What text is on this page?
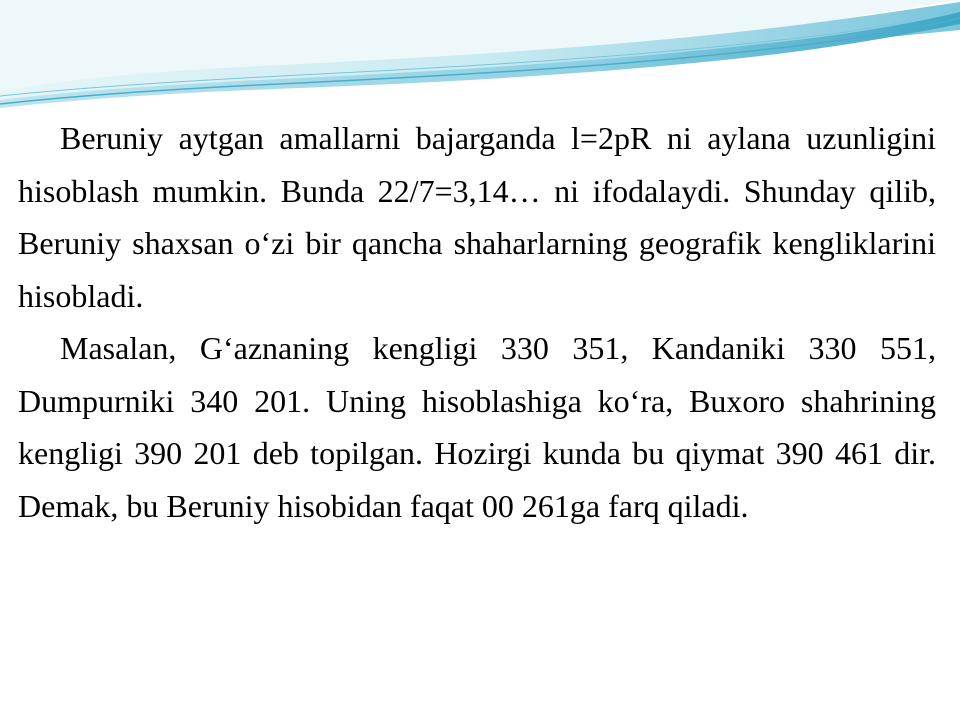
Beruniy aytgan amallarni bajarganda l=2pR ni aylana uzunligini hisoblash mumkin. Bunda 22/7=3,14… ni ifodalaydi. Shunday qilib, Beruniy shaxsan oʻzi bir qancha shaharlarning geografik kengliklarini hisobladi.

Masalan, G‘aznaning kengligi 330 351, Kandaniki 330 551, Dumpurniki 340 201. Uning hisoblashiga koʻra, Buxoro shahrining kengligi 390 201 deb topilgan. Hozirgi kunda bu qiymat 390 461 dir. Demak, bu Beruniy hisobidan faqat 00 261ga farq qiladi.
